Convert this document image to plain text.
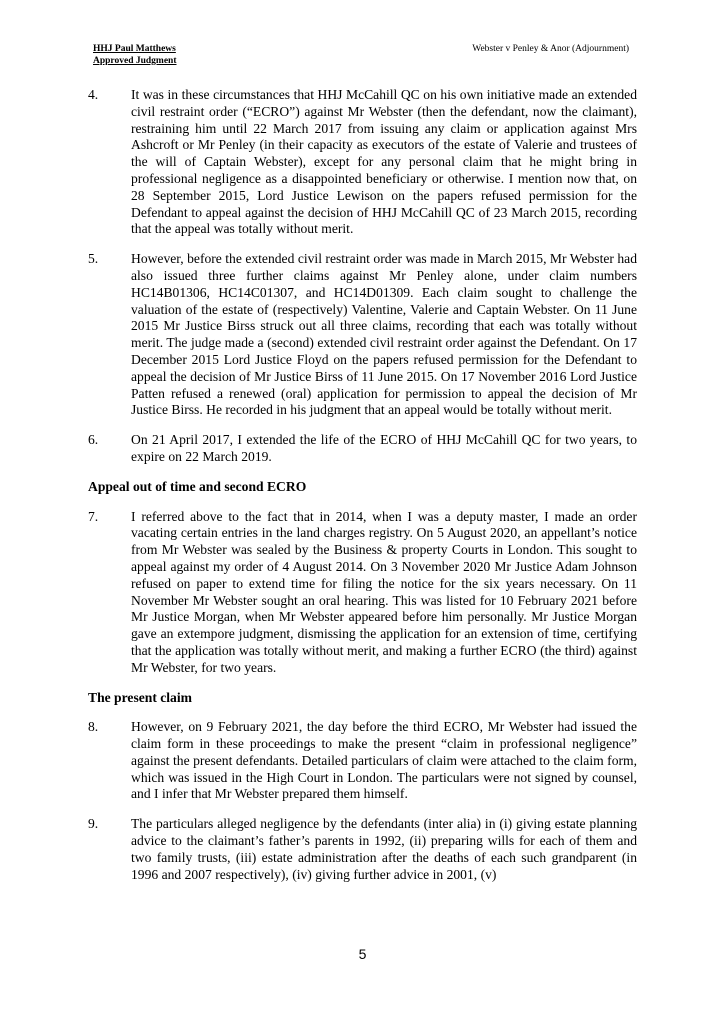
HHJ Paul Matthews
Approved Judgment
Webster v Penley & Anor (Adjournment)
4. It was in these circumstances that HHJ McCahill QC on his own initiative made an extended civil restraint order (“ECRO”) against Mr Webster (then the defendant, now the claimant), restraining him until 22 March 2017 from issuing any claim or application against Mrs Ashcroft or Mr Penley (in their capacity as executors of the estate of Valerie and trustees of the will of Captain Webster), except for any personal claim that he might bring in professional negligence as a disappointed beneficiary or otherwise. I mention now that, on 28 September 2015, Lord Justice Lewison on the papers refused permission for the Defendant to appeal against the decision of HHJ McCahill QC of 23 March 2015, recording that the appeal was totally without merit.
5. However, before the extended civil restraint order was made in March 2015, Mr Webster had also issued three further claims against Mr Penley alone, under claim numbers HC14B01306, HC14C01307, and HC14D01309. Each claim sought to challenge the valuation of the estate of (respectively) Valentine, Valerie and Captain Webster. On 11 June 2015 Mr Justice Birss struck out all three claims, recording that each was totally without merit. The judge made a (second) extended civil restraint order against the Defendant. On 17 December 2015 Lord Justice Floyd on the papers refused permission for the Defendant to appeal the decision of Mr Justice Birss of 11 June 2015. On 17 November 2016 Lord Justice Patten refused a renewed (oral) application for permission to appeal the decision of Mr Justice Birss. He recorded in his judgment that an appeal would be totally without merit.
6. On 21 April 2017, I extended the life of the ECRO of HHJ McCahill QC for two years, to expire on 22 March 2019.
Appeal out of time and second ECRO
7. I referred above to the fact that in 2014, when I was a deputy master, I made an order vacating certain entries in the land charges registry. On 5 August 2020, an appellant’s notice from Mr Webster was sealed by the Business & property Courts in London. This sought to appeal against my order of 4 August 2014. On 3 November 2020 Mr Justice Adam Johnson refused on paper to extend time for filing the notice for the six years necessary. On 11 November Mr Webster sought an oral hearing. This was listed for 10 February 2021 before Mr Justice Morgan, when Mr Webster appeared before him personally. Mr Justice Morgan gave an extempore judgment, dismissing the application for an extension of time, certifying that the application was totally without merit, and making a further ECRO (the third) against Mr Webster, for two years.
The present claim
8. However, on 9 February 2021, the day before the third ECRO, Mr Webster had issued the claim form in these proceedings to make the present “claim in professional negligence” against the present defendants. Detailed particulars of claim were attached to the claim form, which was issued in the High Court in London. The particulars were not signed by counsel, and I infer that Mr Webster prepared them himself.
9. The particulars alleged negligence by the defendants (inter alia) in (i) giving estate planning advice to the claimant’s father’s parents in 1992, (ii) preparing wills for each of them and two family trusts, (iii) estate administration after the deaths of each such grandparent (in 1996 and 2007 respectively), (iv) giving further advice in 2001, (v)
5
